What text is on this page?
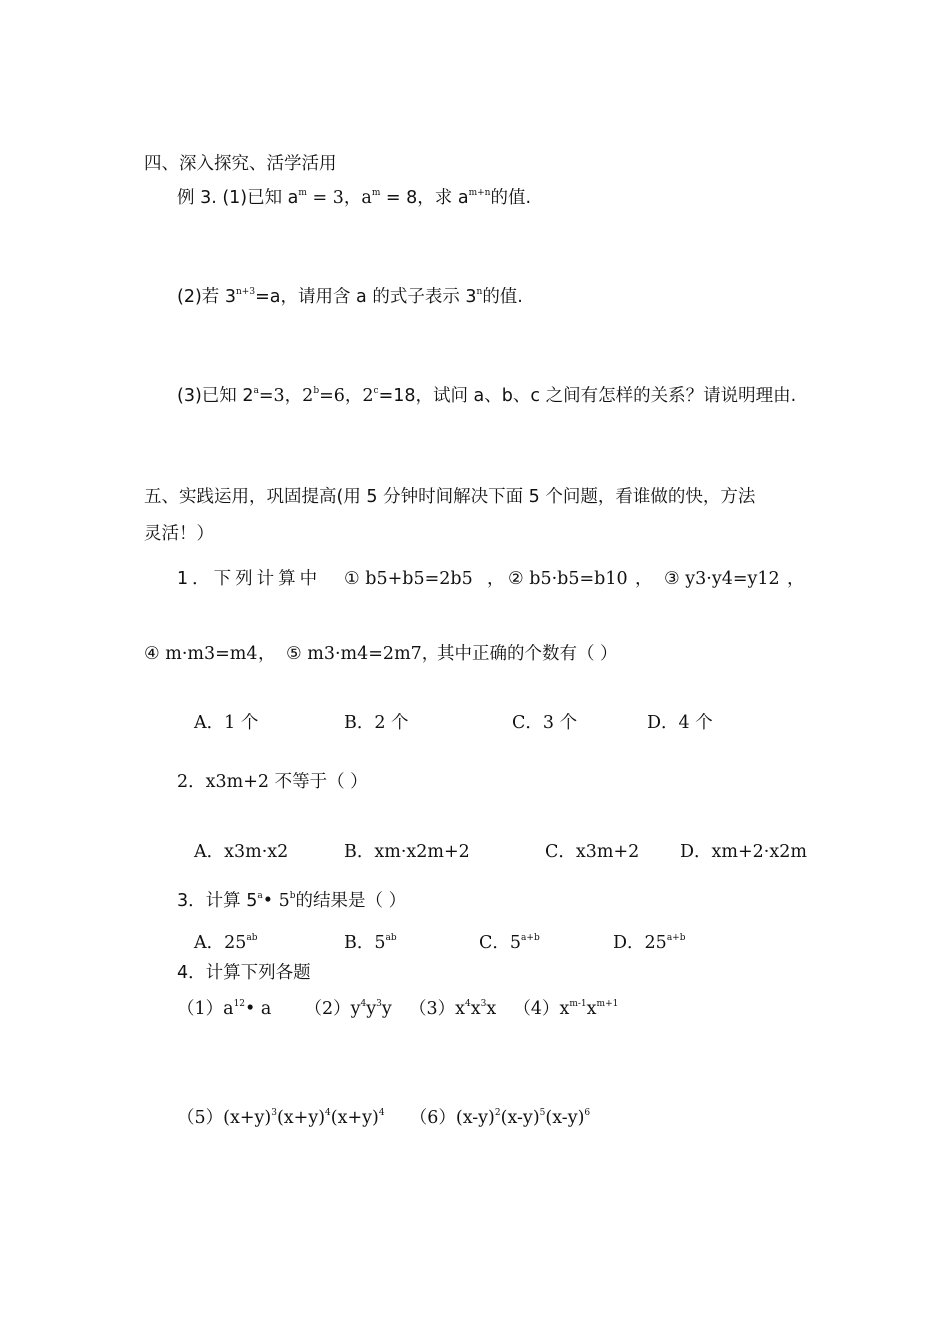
四、深入探究、活学活用
例 3. (1)已知 $a^m = 3$，$a^m = 8$，求 $a^{m+n}$的值.
(2)若 $3^{n+3}=a$，请用含 a 的式子表示 3$^n$的值.
(3)已知 $2^a=3$，$2^b=6$，$2^c=18$，试问 a、b、c 之间有怎样的关系？请说明理由.
五、实践运用，巩固提高(用 5 分钟时间解决下面 5 个问题，看谁做的快，方法
灵活！）
1．下列计算中 ① b5+b5=2b5 ， ② b5·b5=b10 ， ③ y3·y4=y12 ，
④ m·m3=m4 ， ⑤ m3·m4=2m7，
其中正确的个数有（ ）
A．1 个	B．2 个	C．3 个	D．4 个
2．x3m+2 不等于（ ）
A．x3m·x2	B．xm·x2m+2	C．x3m+2 D．xm+2·x2m
3．计算 5$^a$• 5$^b$的结果是（ ）
A．$25^{ab}$	B．$5^{ab}$	C．$5^{a+b}$	D．$25^{a+b}$
4．计算下列各题
$(1)a^{12}•$ a $(2)y^4y^3y$ $(3)x^4x^3x$ $(4)x^{m-1}x^{m+1}$
$(5)(x+y)^3(x+y)^4(x+y)^4$ $(6)(x-y)^2(x-y)^5(x-y)^6$
